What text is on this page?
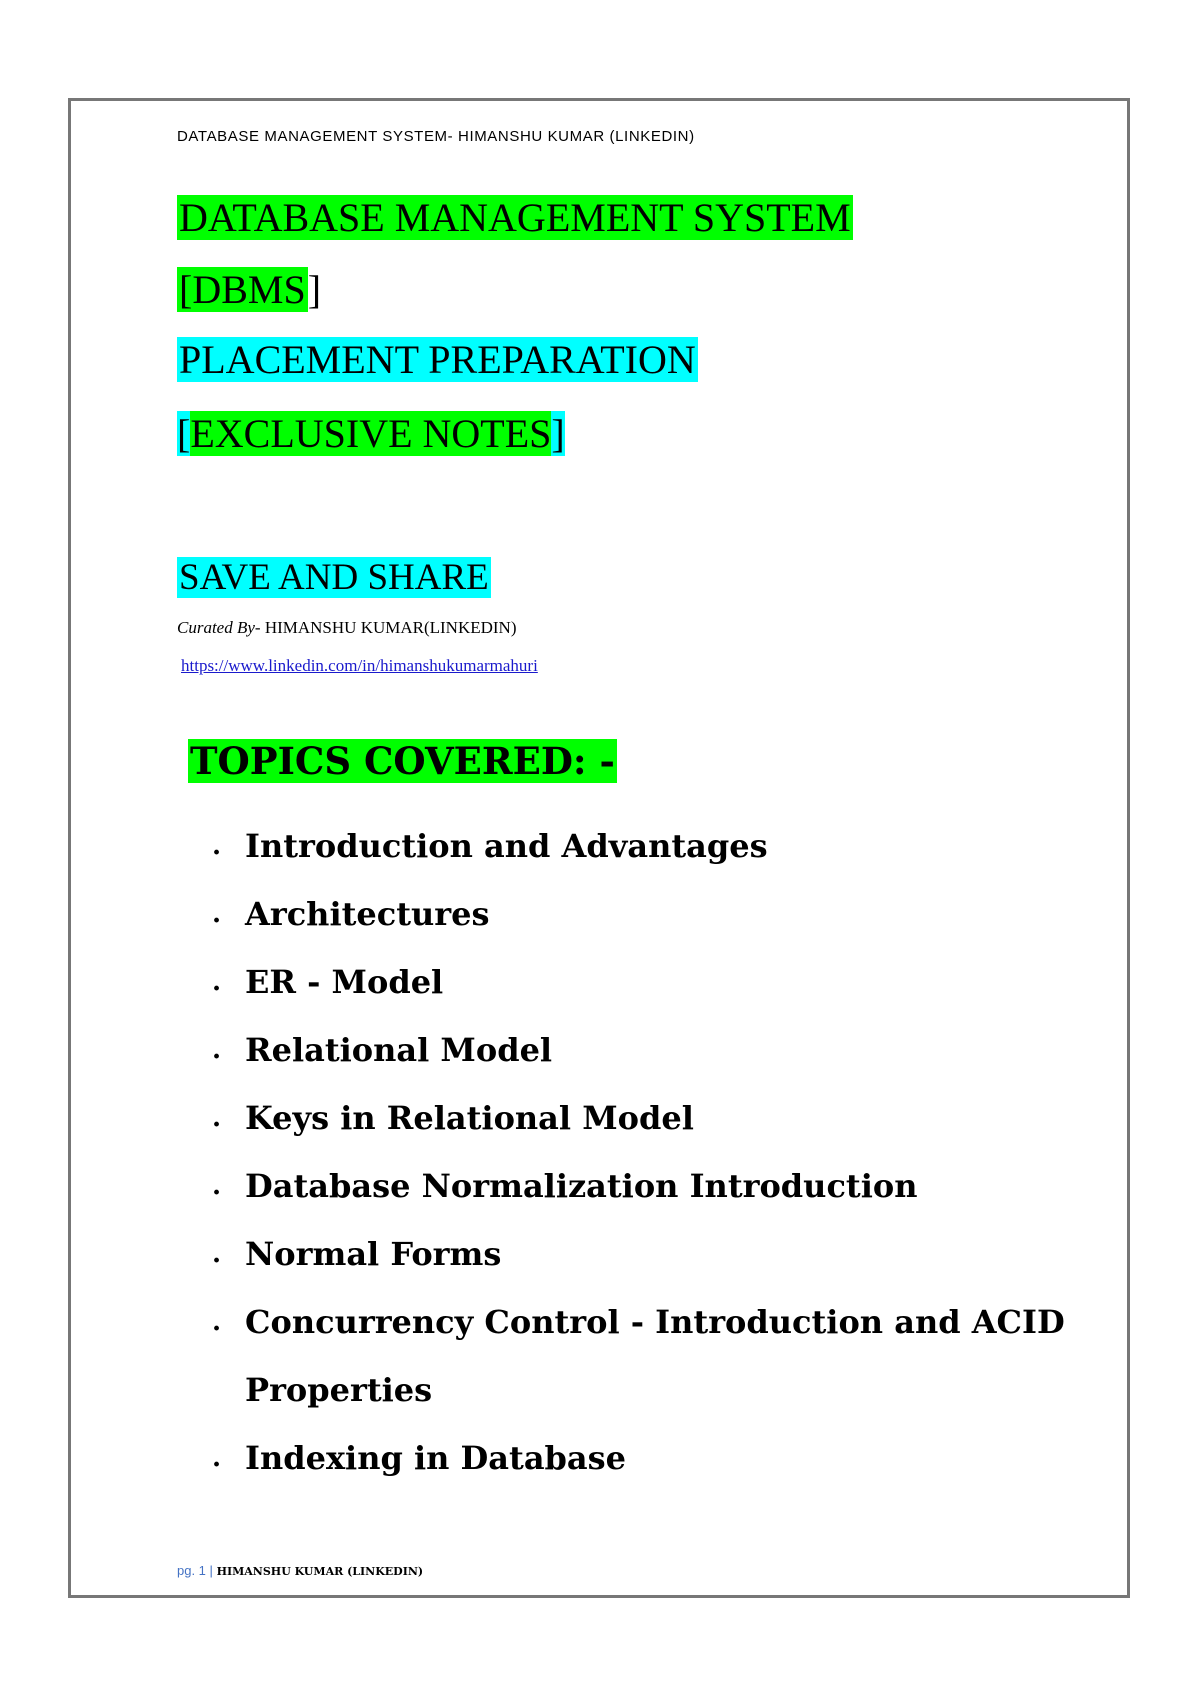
DATABASE MANAGEMENT SYSTEM- HIMANSHU KUMAR (LINKEDIN)
DATABASE MANAGEMENT SYSTEM
[DBMS]
PLACEMENT PREPARATION
[EXCLUSIVE NOTES]
SAVE AND SHARE
Curated By- HIMANSHU KUMAR(LINKEDIN)
https://www.linkedin.com/in/himanshukumarmahuri
TOPICS COVERED: -
. Introduction and Advantages
. Architectures
. ER - Model
. Relational Model
. Keys in Relational Model
. Database Normalization Introduction
. Normal Forms
. Concurrency Control - Introduction and ACID Properties
. Indexing in Database
pg. 1 | HIMANSHU KUMAR (LINKEDIN)
